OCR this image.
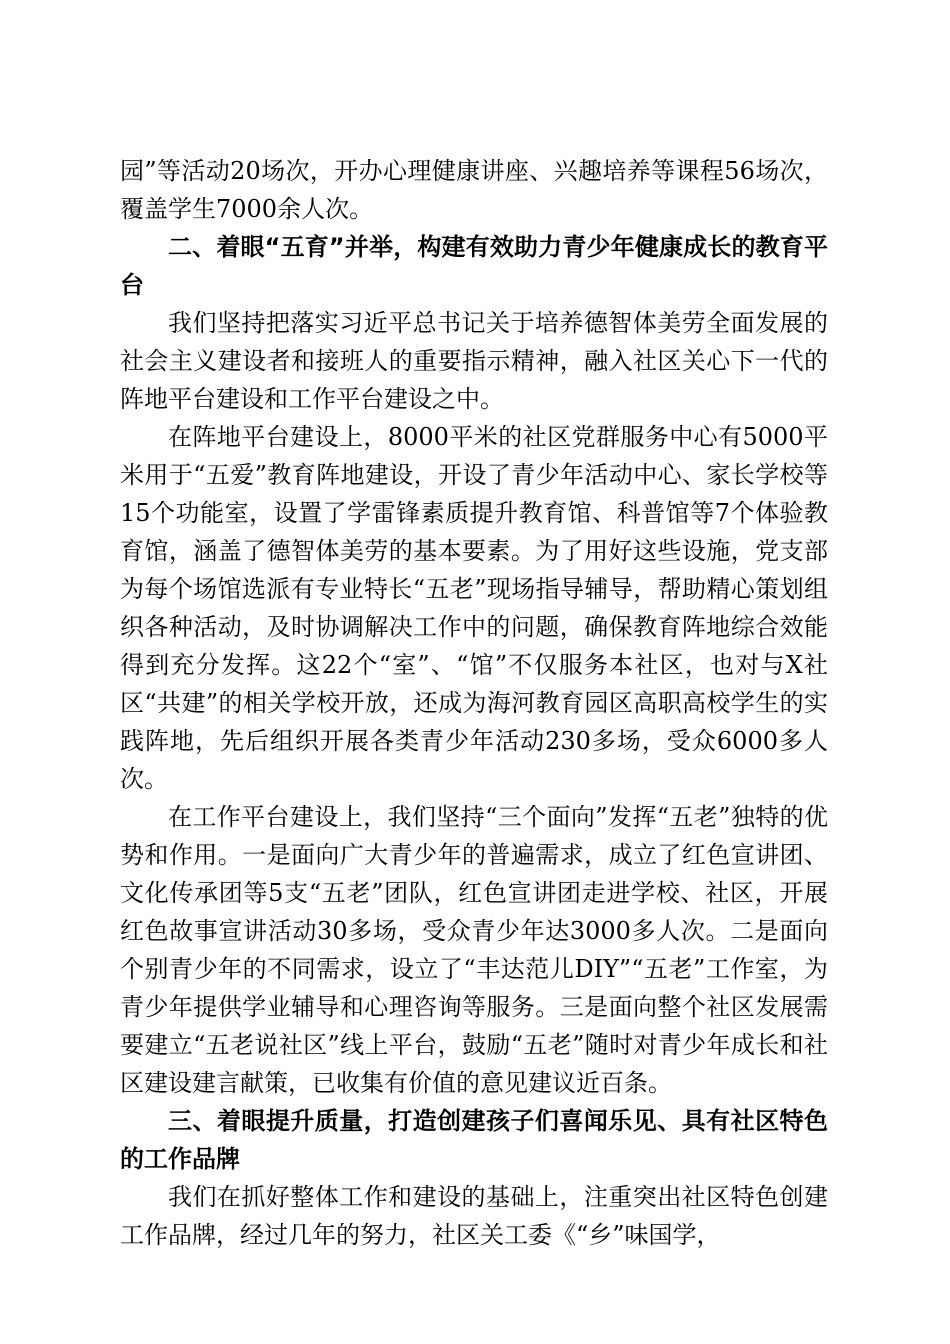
园”等活动20场次，开办心理健康讲座、兴趣培养等课程56场次，覆盖学生7000余人次。

二、着眼“五育”并举，构建有效助力青少年健康成长的教育平台

我们坚持把落实习近平总书记关于培养德智体美劳全面发展的社会主义建设者和接班人的重要指示精神，融入社区关心下一代的阵地平台建设和工作平台建设之中。

在阵地平台建设上，8000平米的社区党群服务中心有5000平米用于“五爱”教育阵地建设，开设了青少年活动中心、家长学校等15个功能室，设置了学雷锋素质提升教育馆、科普馆等7个体验教育馆，涵盖了德智体美劳的基本要素。为了用好这些设施，党支部为每个场馆选派有专业特长“五老”现场指导辅导，帮助精心策划组织各种活动，及时协调解决工作中的问题，确保教育阵地综合效能得到充分发挥。这22个“室”、“馆”不仅服务本社区，也对与X社区“共建”的相关学校开放，还成为海河教育园区高职高校学生的实践阵地，先后组织开展各类青少年活动230多场，受众6000多人次。

在工作平台建设上，我们坚持“三个面向”发挥“五老”独特的优势和作用。一是面向广大青少年的普遍需求，成立了红色宣讲团、文化传承团等5支“五老”团队，红色宣讲团走进学校、社区，开展红色故事宣讲活动30多场，受众青少年达3000多人次。二是面向个别青少年的不同需求，设立了“丰达范儿DIY”“五老”工作室，为青少年提供学业辅导和心理咨询等服务。三是面向整个社区发展需要建立“五老说社区”线上平台，鼓励“五老”随时对青少年成长和社区建设建言献策，已收集有价值的意见建议近百条。

三、着眼提升质量，打造创建孩子们喜闻乐见、具有社区特色的工作品牌

我们在抓好整体工作和建设的基础上，注重突出社区特色创建工作品牌，经过几年的努力，社区关工委《“乡”味国学，
